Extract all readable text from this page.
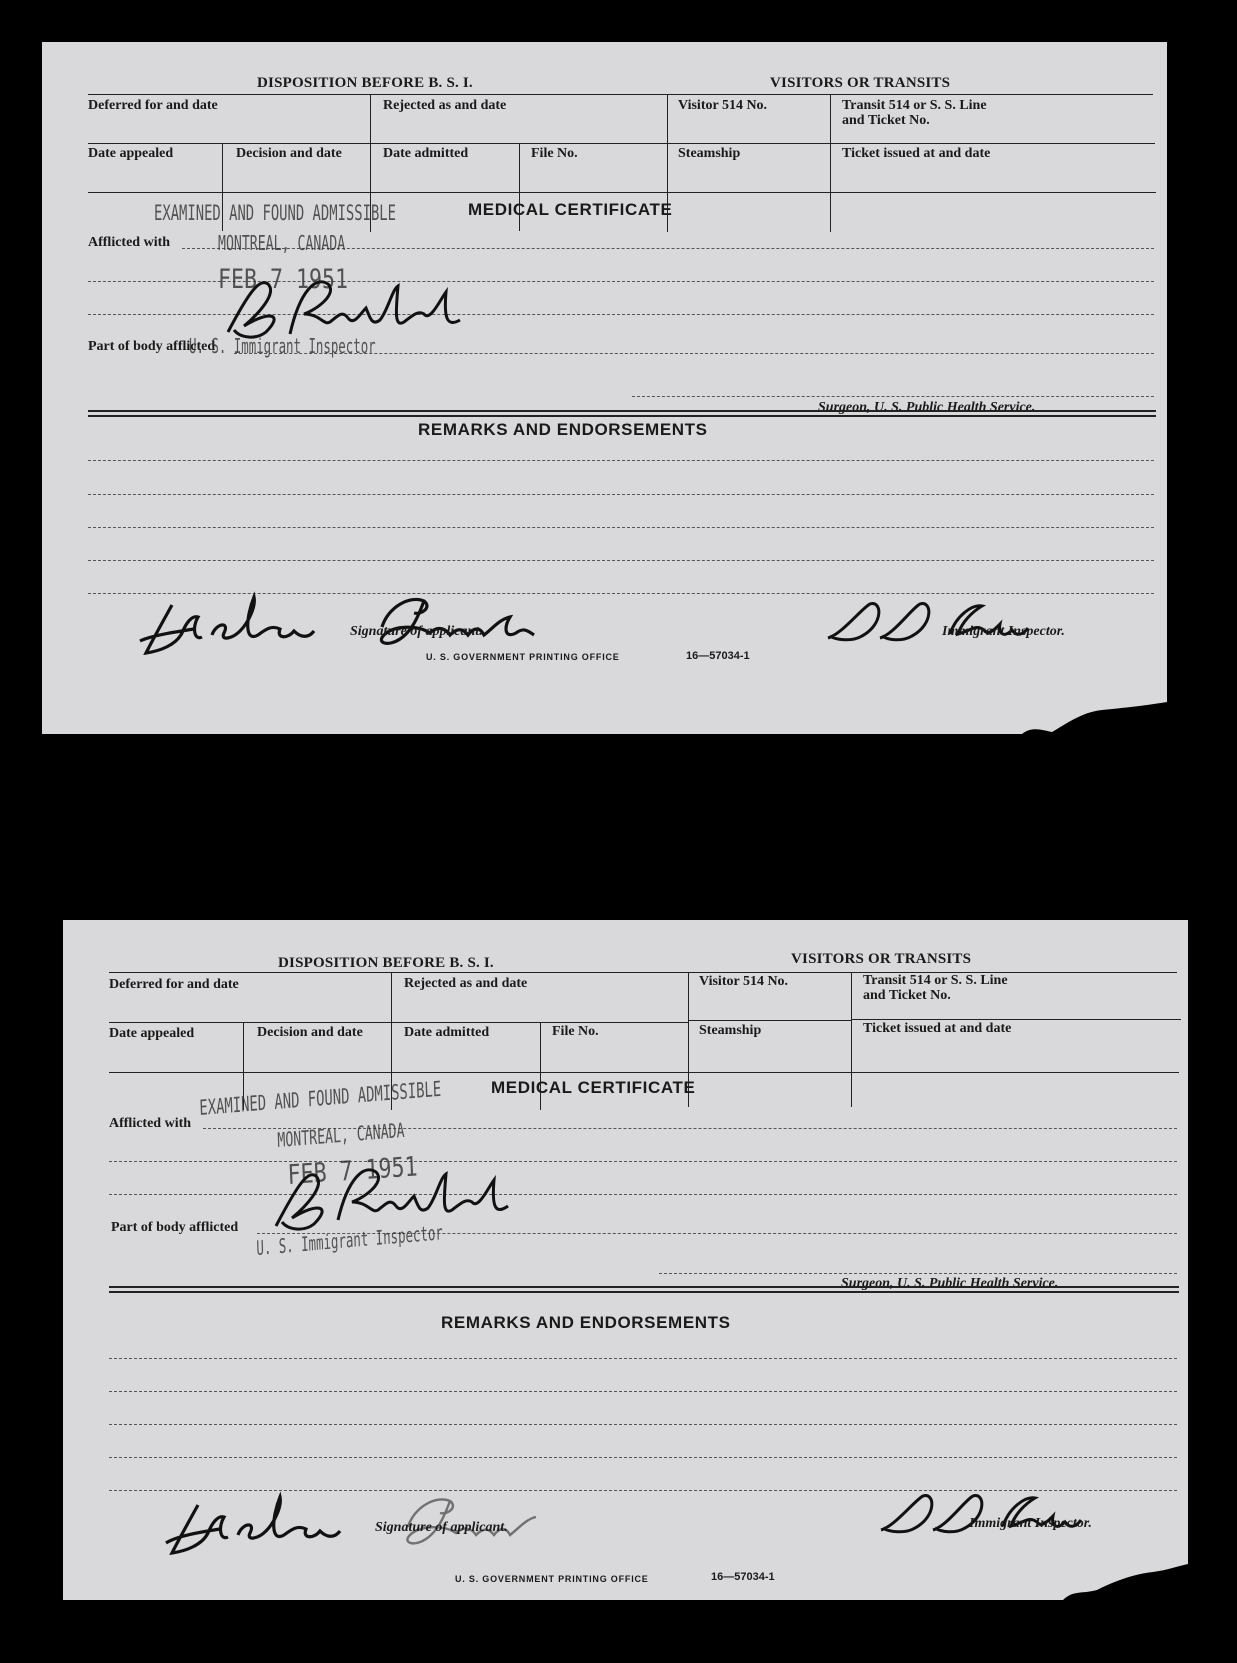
DISPOSITION BEFORE B. S. I.	VISITORS OR TRANSITS
Deferred for and date	Rejected as and date	Visitor 514 No.	Transit 514 or S. S. Line
and Ticket No.
Date appealed	Decision and date	Date admitted	File No.	Steamship	Ticket issued at and date
MEDICAL CERTIFICATE
Afflicted with
Part of body afflicted
Surgeon, U. S. Public Health Service.
EXAMINED AND FOUND ADMISSIBLE
MONTREAL, CANADA
FEB 7 1951
U. S. Immigrant Inspector
REMARKS AND ENDORSEMENTS
Signature of applicant.	Immigrant Inspector.
U. S. GOVERNMENT PRINTING OFFICE	16—57034-1
DISPOSITION BEFORE B. S. I.	VISITORS OR TRANSITS
Deferred for and date	Rejected as and date	Visitor 514 No.	Transit 514 or S. S. Line
and Ticket No.
Date appealed	Decision and date	Date admitted	File No.	Steamship	Ticket issued at and date
MEDICAL CERTIFICATE
Afflicted with
Part of body afflicted
Surgeon, U. S. Public Health Service.
EXAMINED AND FOUND ADMISSIBLE
MONTREAL, CANADA
FEB 7 1951
U. S. Immigrant Inspector
REMARKS AND ENDORSEMENTS
Signature of applicant.	Immigrant Inspector.
U. S. GOVERNMENT PRINTING OFFICE	16—57034-1
